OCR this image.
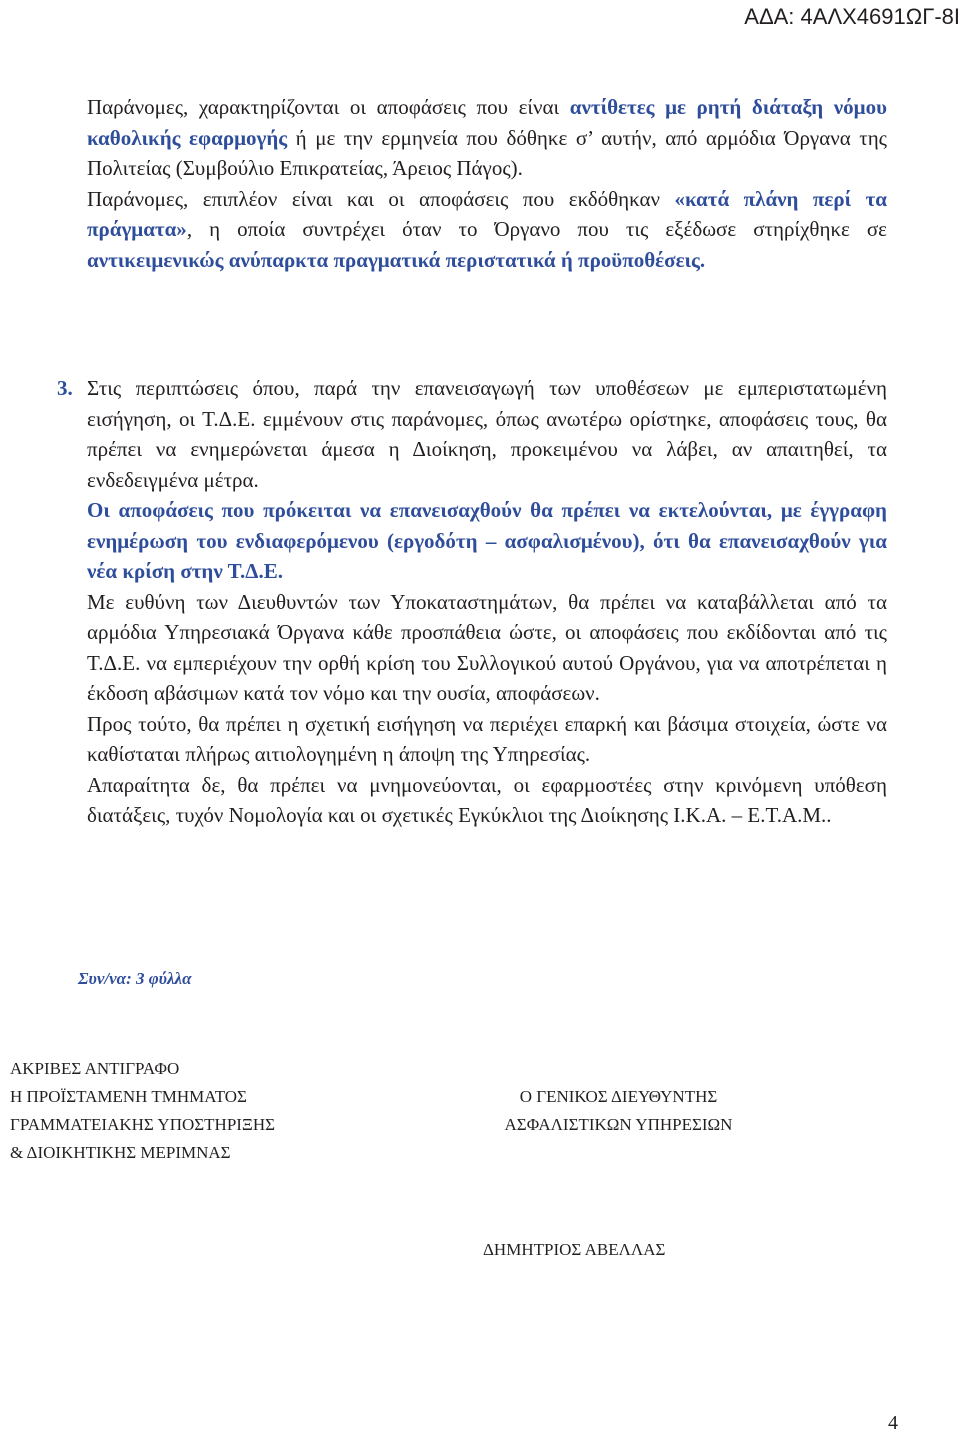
ΑΔΑ: 4ΑΛΧ4691ΩΓ-8Ι
Παράνομες, χαρακτηρίζονται οι αποφάσεις που είναι αντίθετες με ρητή διάταξη νόμου καθολικής εφαρμογής ή με την ερμηνεία που δόθηκε σ’ αυτήν, από αρμόδια Όργανα της Πολιτείας (Συμβούλιο Επικρατείας, Άρειος Πάγος).
Παράνομες, επιπλέον είναι και οι αποφάσεις που εκδόθηκαν «κατά πλάνη περί τα πράγματα», η οποία συντρέχει όταν το Όργανο που τις εξέδωσε στηρίχθηκε σε αντικειμενικώς ανύπαρκτα πραγματικά περιστατικά ή προϋποθέσεις.
3. Στις περιπτώσεις όπου, παρά την επανεισαγωγή των υποθέσεων με εμπεριστατωμένη εισήγηση, οι Τ.Δ.Ε. εμμένουν στις παράνομες, όπως ανωτέρω ορίστηκε, αποφάσεις τους, θα πρέπει να ενημερώνεται άμεσα η Διοίκηση, προκειμένου να λάβει, αν απαιτηθεί, τα ενδεδειγμένα μέτρα.
Οι αποφάσεις που πρόκειται να επανεισαχθούν θα πρέπει να εκτελούνται, με έγγραφη ενημέρωση του ενδιαφερόμενου (εργοδότη – ασφαλισμένου), ότι θα επανεισαχθούν για νέα κρίση στην Τ.Δ.Ε.
Με ευθύνη των Διευθυντών των Υποκαταστημάτων, θα πρέπει να καταβάλλεται από τα αρμόδια Υπηρεσιακά Όργανα κάθε προσπάθεια ώστε, οι αποφάσεις που εκδίδονται από τις Τ.Δ.Ε. να εμπεριέχουν την ορθή κρίση του Συλλογικού αυτού Οργάνου, για να αποτρέπεται η έκδοση αβάσιμων κατά τον νόμο και την ουσία, αποφάσεων.
Προς τούτο, θα πρέπει η σχετική εισήγηση να περιέχει επαρκή και βάσιμα στοιχεία, ώστε να καθίσταται πλήρως αιτιολογημένη η άποψη της Υπηρεσίας.
Απαραίτητα δε, θα πρέπει να μνημονεύονται, οι εφαρμοστέες στην κρινόμενη υπόθεση διατάξεις, τυχόν Νομολογία και οι σχετικές Εγκύκλιοι της Διοίκησης Ι.Κ.Α. – Ε.Τ.Α.Μ..
Συν/να: 3 φύλλα
ΑΚΡΙΒΕΣ ΑΝΤΙΓΡΑΦΟ
Η ΠΡΟΪΣΤΑΜΕΝΗ ΤΜΗΜΑΤΟΣ
ΓΡΑΜΜΑΤΕΙΑΚΗΣ ΥΠΟΣΤΗΡΙΞΗΣ
& ΔΙΟΙΚΗΤΙΚΗΣ ΜΕΡΙΜΝΑΣ
Ο ΓΕΝΙΚΟΣ ΔΙΕΥΘΥΝΤΗΣ
ΑΣΦΑΛΙΣΤΙΚΩΝ ΥΠΗΡΕΣΙΩΝ
ΔΗΜΗΤΡΙΟΣ ΑΒΕΛΛΑΣ
4
